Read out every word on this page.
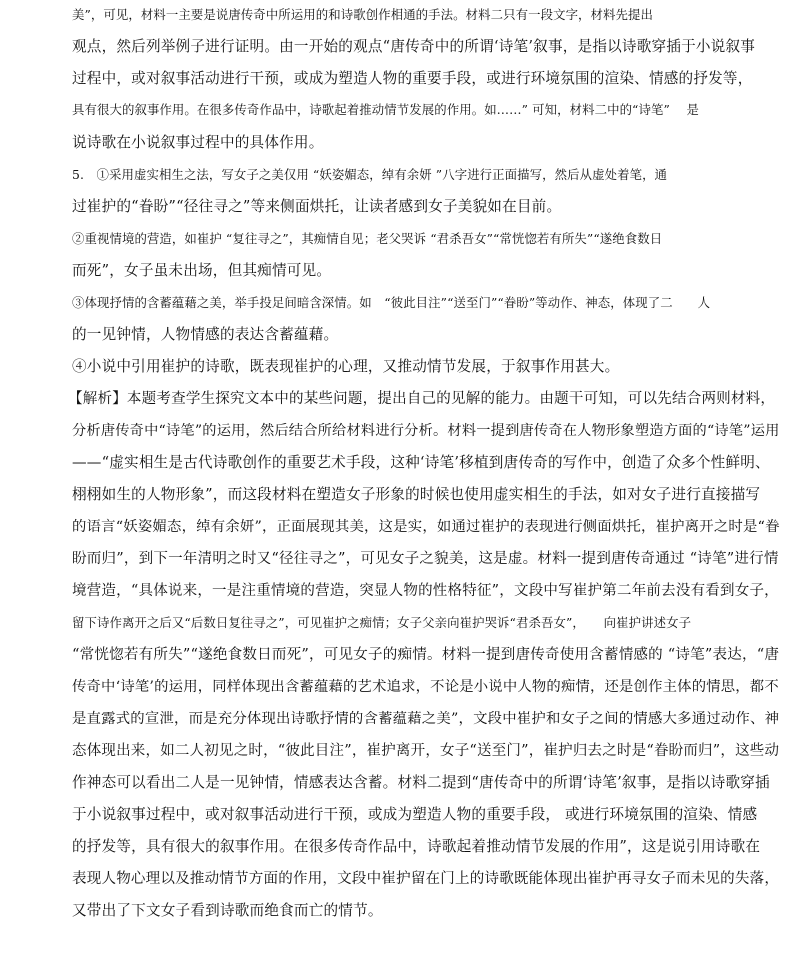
美”，可见，材料一主要是说唐传奇中所运用的和诗歌创作相通的手法。材料二只有一段文字，材料先提出
观点，然后列举例子进行证明。由一开始的观点“唐传奇中的所谓‘诗笔’叙事，是指以诗歌穿插于小说叙事
过程中，或对叙事活动进行干预，或成为塑造人物的重要手段，或进行环境氛围的渲染、情感的抒发等，
具有很大的叙事作用。在很多传奇作品中，诗歌起着推动情节发展的作用。如……” 可知，材料二中的“诗笔”　 是
说诗歌在小说叙事过程中的具体作用。
5.　①采用虚实相生之法，写女子之美仅用 “妖姿媚态，绰有余妍 ”八字进行正面描写，然后从虚处着笔，通
过崔护的“眷盼”“径往寻之”等来侧面烘托，让读者感到女子美貌如在目前。
②重视情境的营造，如崔护 “复往寻之”，其痴情自见；老父哭诉 “君杀吾女”“常恍惚若有所失”“遂绝食数日
而死”，女子虽未出场，但其痴情可见。
③体现抒情的含蓄蕴藉之美，举手投足间暗含深情。如　“彼此目注”“送至门”“眷盼”等动作、神态，体现了二　　人
的一见钟情，人物情感的表达含蓄蕴藉。
④小说中引用崔护的诗歌，既表现崔护的心理，又推动情节发展，于叙事作用甚大。
【解析】本题考查学生探究文本中的某些问题，提出自己的见解的能力。由题干可知，可以先结合两则材料，
分析唐传奇中“诗笔”的运用，然后结合所给材料进行分析。材料一提到唐传奇在人物形象塑造方面的“诗笔”运用
——“虚实相生是古代诗歌创作的重要艺术手段，这种‘诗笔’移植到唐传奇的写作中，创造了众多个性鲜明、
栩栩如生的人物形象”，而这段材料在塑造女子形象的时候也使用虚实相生的手法，如对女子进行直接描写
的语言“妖姿媚态，绰有余妍”，正面展现其美，这是实，如通过崔护的表现进行侧面烘托，崔护离开之时是“眷
盼而归”，到下一年清明之时又“径往寻之”，可见女子之貌美，这是虚。材料一提到唐传奇通过 “诗笔”进行情
境营造，“具体说来，一是注重情境的营造，突显人物的性格特征”，文段中写崔护第二年前去没有看到女子，
留下诗作离开之后又“后数日复往寻之”，可见崔护之痴情；女子父亲向崔护哭诉“君杀吾女”，　　向崔护讲述女子
“常恍惚若有所失”“遂绝食数日而死”，可见女子的痴情。材料一提到唐传奇使用含蓄情感的 “诗笔”表达，“唐
传奇中‘诗笔’的运用，同样体现出含蓄蕴藉的艺术追求，不论是小说中人物的痴情，还是创作主体的情思，都不
是直露式的宣泄，而是充分体现出诗歌抒情的含蓄蕴藉之美”，文段中崔护和女子之间的情感大多通过动作、神
态体现出来，如二人初见之时，“彼此目注”，崔护离开，女子“送至门”，崔护归去之时是“眷盼而归”，这些动
作神态可以看出二人是一见钟情，情感表达含蓄。材料二提到“唐传奇中的所谓‘诗笔’叙事，是指以诗歌穿插
于小说叙事过程中，或对叙事活动进行干预，或成为塑造人物的重要手段， 或进行环境氛围的渲染、情感
的抒发等，具有很大的叙事作用。在很多传奇作品中，诗歌起着推动情节发展的作用”，这是说引用诗歌在
表现人物心理以及推动情节方面的作用，文段中崔护留在门上的诗歌既能体现出崔护再寻女子而未见的失落，
又带出了下文女子看到诗歌而绝食而亡的情节。
